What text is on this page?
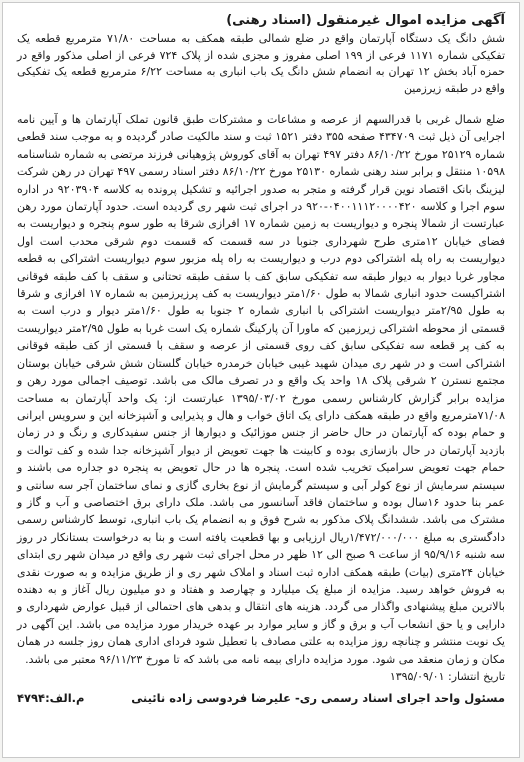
آگهی مزایده اموال غیرمنقول (اسناد رهنی)
شش دانگ یک دستگاه آپارتمان واقع در ضلع شمالی طبقه همکف به مساحت ۷۱/۸۰ مترمربع قطعه یک تفکیکی شماره ۱۱۷۱ فرعی از ۱۹۹ اصلی مفروز و مجزی شده از پلاک ۷۲۴ فرعی از اصلی مذکور واقع در حمزه آباد بخش ۱۲ تهران به انضمام شش دانگ یک باب انباری به مساحت ۶/۲۲ مترمربع قطعه یک تفکیکی واقع در طبقه زیرزمین
ضلع شمال غربی با قدرالسهم از عرصه و مشاعات و مشترکات طبق قانون تملک آپارتمان ها و آیین نامه اجرایی آن ذیل ثبت ۴۳۴۷۰۹ صفحه ۳۵۵ دفتر ۱۵۲۱ ثبت و سند مالکیت صادر گردیده و به موجب سند قطعی شماره ۲۵۱۲۹ مورخ ۸۶/۱۰/۲۲ دفتر ۴۹۷ تهران به آقای کوروش پژوهیانی فرزند مرتضی به شماره شناسنامه ۱۰۵۹۸ منتقل و برابر سند رهنی شماره ۲۵۱۳۰ مورخ ۸۶/۱۰/۲۲ دفتر اسناد رسمی ۴۹۷ تهران در رهن شرکت لیزینگ بانک اقتصاد نوین قرار گرفته و متجر به صدور اجرائیه و تشکیل پرونده به کلاسه ۹۲۰۳۹۰۴ در اداره سوم اجرا و کلاسه ۰۴۰۰۱۱۱۲۰۰۰۰۴۲۰-۹۲۰ در اجرای ثبت شهر ری گردیده است. حدود آپارتمان مورد رهن عبارتست از شمالا پنجره و دیواریست به زمین شماره ۱۷ افرازی شرقا به طور سوم پنجره و دیواریست به فضای خیابان ۱۲متری طرح شهرداری جنوبا در سه قسمت که قسمت دوم شرقی محدب است اول دیواریست به راه پله اشتراکی دوم درب و دیواریست به راه پله مزبور سوم دیواریست اشتراکی به قطعه مجاور غربا دیوار به دیوار طبقه سه تفکیکی سابق کف با سقف طبقه تحتانی و سقف با کف طبقه فوقانی اشتراکیست حدود انباری شمالا به طول ۱/۶۰متر دیواریست به کف پرزیرزمین به شماره ۱۷ افرازی و شرقا به طول ۲/۹۵متر دیواریست اشتراکی با انباری شماره ۲ جنوبا به طول ۱/۶۰متر دیوار و درب است به قسمتی از محوطه اشتراکی زیرزمین که ماورا آن پارکینگ شماره یک است غربا به طول ۲/۹۵متر دیواریست به کف پر قطعه سه تفکیکی سابق کف روی قسمتی از عرصه و سقف با قسمتی از کف طبقه فوقانی اشتراکی است و در شهر ری میدان شهید غیبی خیابان خرمدره خیابان گلستان شش شرقی خیابان بوستان مجتمع نسترن ۲ شرقی پلاک ۱۸ واحد یک واقع و در تصرف مالک می باشد. توصیف اجمالی مورد رهن و مزایده برابر گزارش کارشناس رسمی مورخ ۱۳۹۵/۰۳/۰۲ عبارتست از: یک واحد آپارتمان به مساحت ۷۱/۰۸مترمربع واقع در طبقه همکف دارای یک اتاق خواب و هال و پذیرایی و آشپزخانه این و سرویس ایرانی و حمام بوده که آپارتمان در حال حاضر از جنس موزائیک و دیوارها از جنس سفیدکاری و رنگ و در زمان بازدید آپارتمان در حال بازسازی بوده و کابینت ها جهت تعویض از دیوار آشپزخانه جدا شده و کف توالت و حمام جهت تعویض سرامیک تخریب شده است. پنجره ها در حال تعویض به پنجره دو جداره می باشند و سیستم سرمایش از نوع کولر آبی و سیستم گرمایش از نوع بخاری گازی و نمای ساختمان آجر سه سانتی و عمر بنا حدود ۱۶سال بوده و ساختمان فاقد آسانسور می باشد. ملک دارای برق اختصاصی و آب و گاز و مشترک می باشد. ششدانگ پلاک مذکور به شرح فوق و به انضمام یک باب انباری، توسط کارشناس رسمی دادگستری به مبلغ ۱/۴۷۲/۰۰۰/۰۰۰ریال ارزیابی و بها قطعیت یافته است و بنا به درخواست بستانکار در روز سه شنبه ۹۵/۹/۱۶ از ساعت ۹ صبح الی ۱۲ ظهر در محل اجرای ثبت شهر ری واقع در میدان شهر ری ابتدای خیابان ۲۴متری (بیات) طبقه همکف اداره ثبت اسناد و املاک شهر ری و از طریق مزایده و به صورت نقدی به فروش خواهد رسید. مزایده از مبلغ یک میلیارد و چهارصد و هفتاد و دو میلیون ریال آغاز و به دهنده بالاترین مبلغ پیشنهادی واگذار می گردد. هزینه های انتقال و بدهی های احتمالی از قبیل عوارض شهرداری و دارایی و یا حق انشعاب آب و برق و گاز و سایر موارد بر عهده خریدار مورد مزایده می باشد. این آگهی در یک نوبت منتشر و چنانچه روز مزایده به علتی مصادف با تعطیل شود فردای اداری همان روز جلسه در همان مکان و زمان منعقد می شود. مورد مزایده دارای بیمه نامه می باشد که تا مورخ ۹۶/۱۱/۲۳ معتبر می باشد.
تاریخ انتشار: ۱۳۹۵/۰۹/۰۱
مسئول واحد اجرای اسناد رسمی ری- علیرضا فردوسی زاده نائینی
م.الف:۴۷۹۴
